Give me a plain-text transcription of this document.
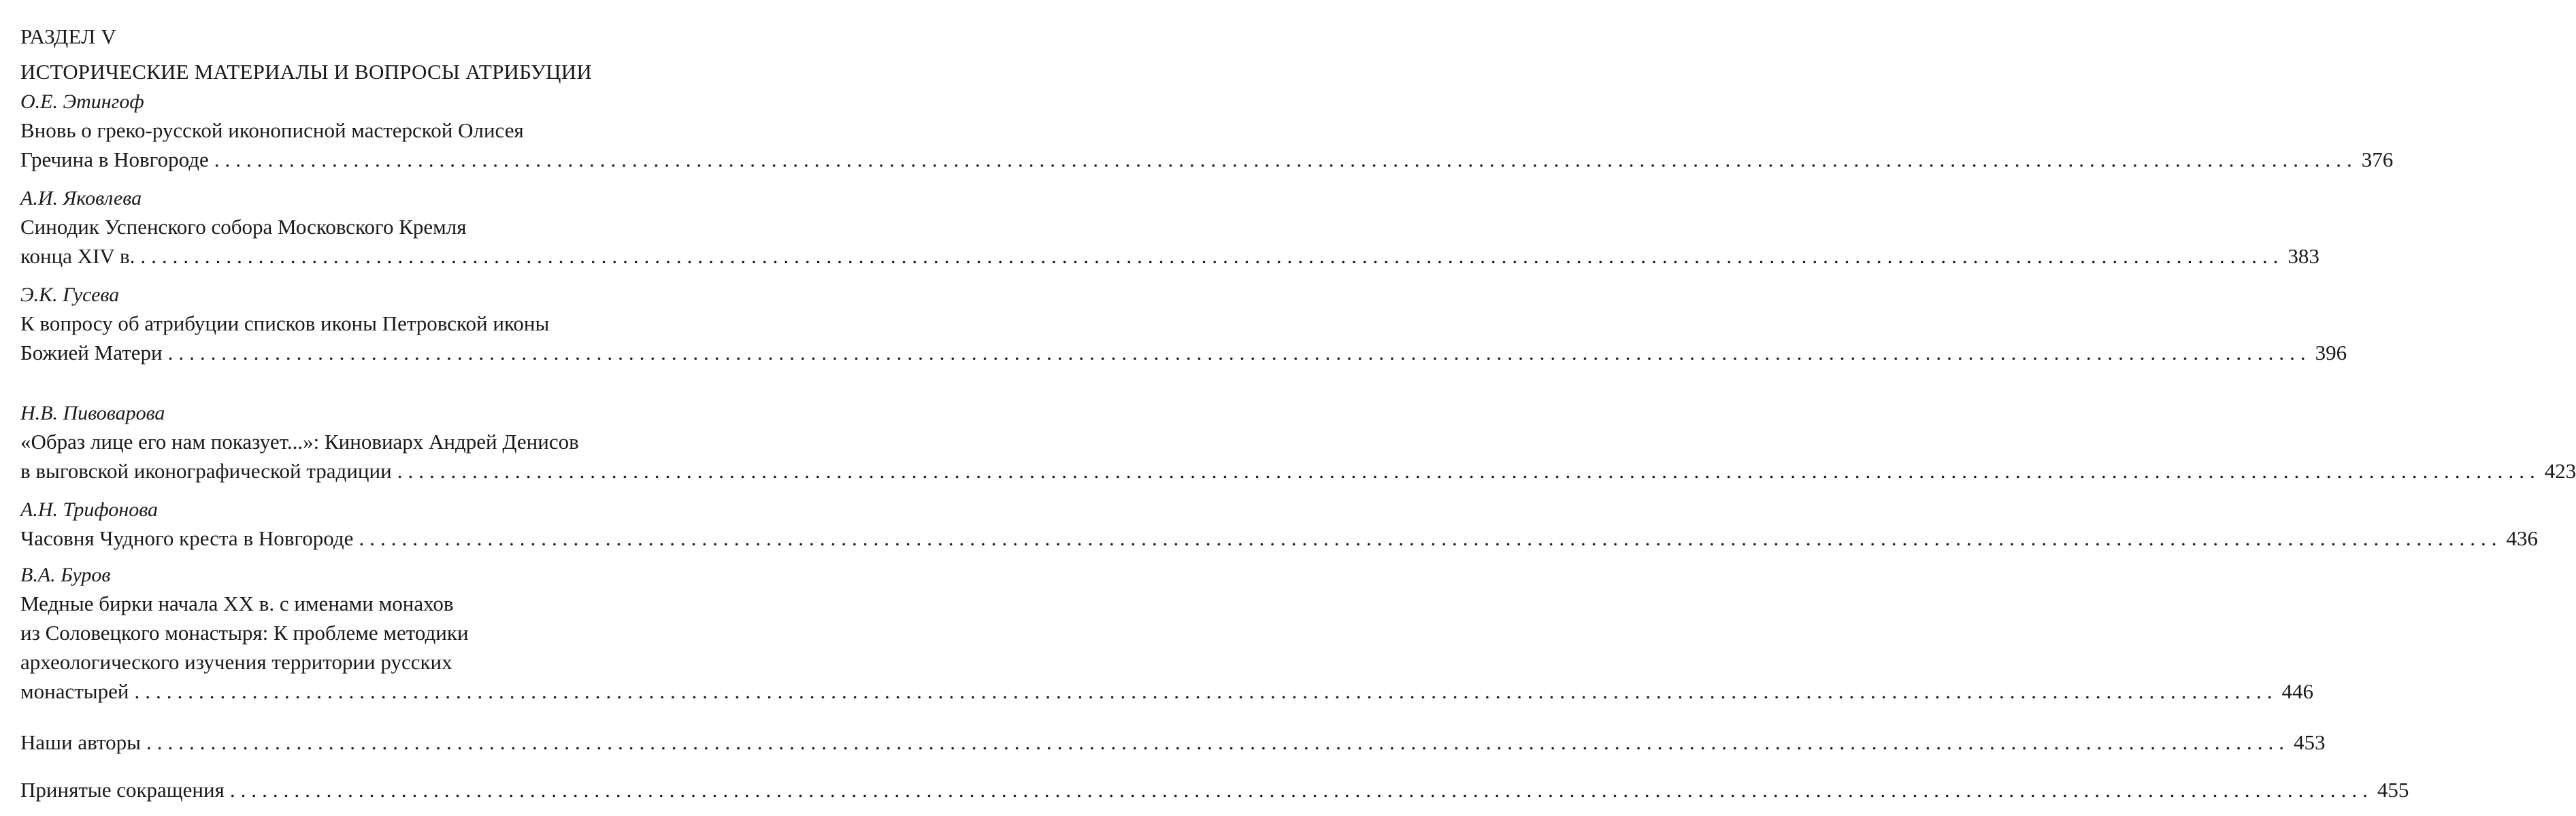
РАЗДЕЛ V
ИСТОРИЧЕСКИЕ МАТЕРИАЛЫ И ВОПРОСЫ АТРИБУЦИИ
О.Е. Этингоф
Вновь о греко-русской иконописной мастерской Олисея
Гречина в Новгороде ........................................................................................................................................................................................................ 376
А.И. Яковлева
Синодик Успенского собора Московского Кремля
конца XIV в. ........................................................................................................................................................................................................ 383
Э.К. Гусева
К вопросу об атрибуции списков иконы Петровской иконы
Божией Матери ........................................................................................................................................................................................................ 396
Н.В. Пивоварова
«Образ лице его нам показует...»: Киновиарх Андрей Денисов
в выговской иконографической традиции ........................................................................................................................................................................................................ 423
А.Н. Трифонова
Часовня Чудного креста в Новгороде ........................................................................................................................................................................................................ 436
В.А. Буров
Медные бирки начала XX в. с именами монахов
из Соловецкого монастыря: К проблеме методики
археологического изучения территории русских
монастырей ........................................................................................................................................................................................................ 446
Наши авторы ........................................................................................................................................................................................................ 453
Принятые сокращения ........................................................................................................................................................................................................ 455
